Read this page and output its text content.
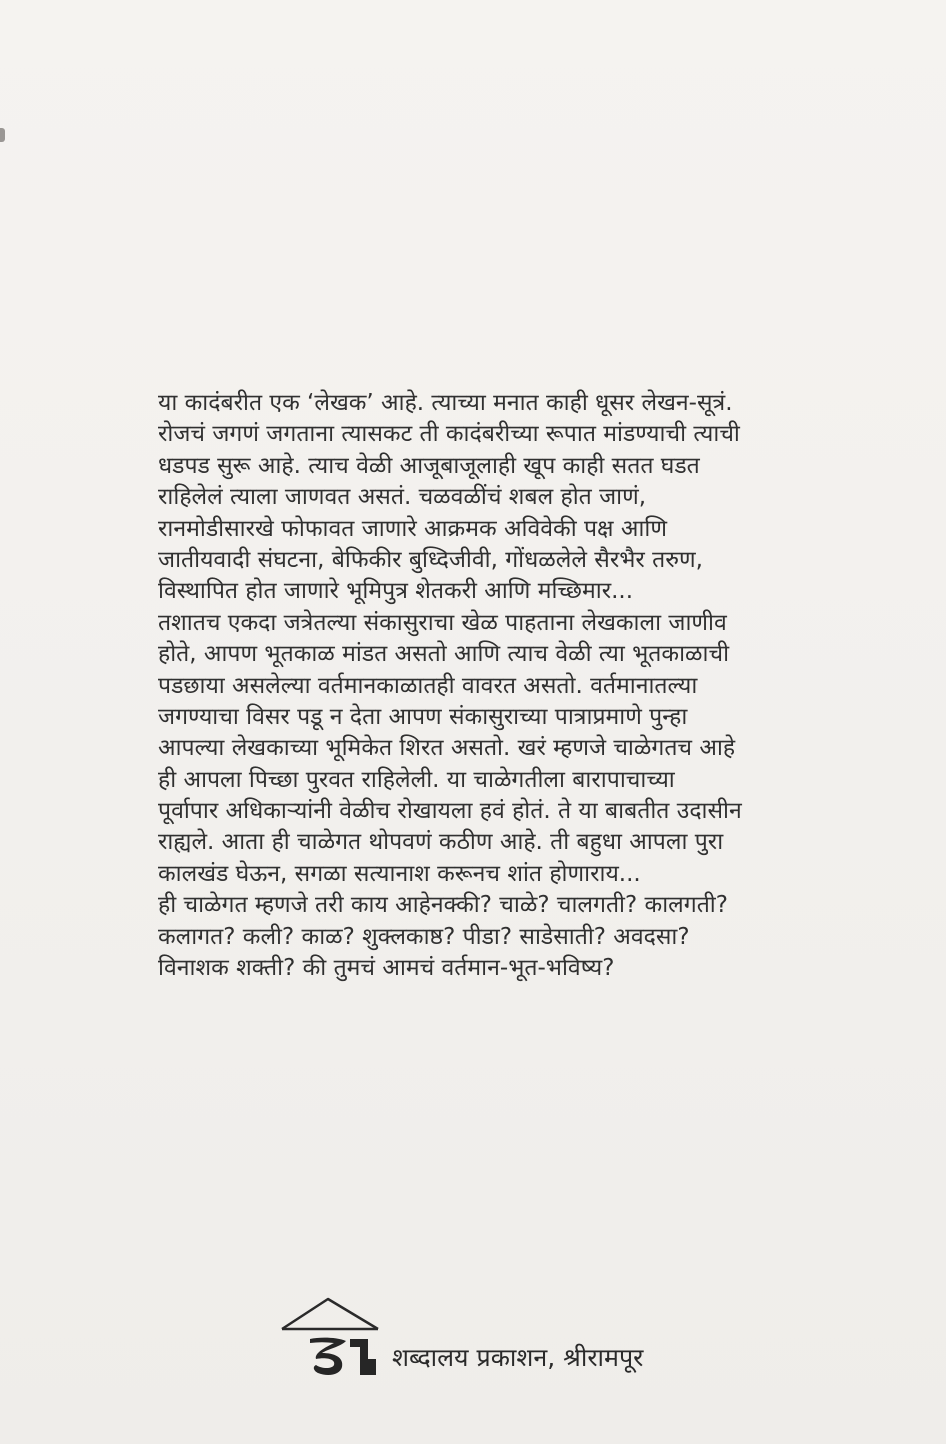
या कादंबरीत एक ‘लेखक’ आहे. त्याच्या मनात काही धूसर लेखन-सूत्रं.
रोजचं जगणं जगताना त्यासकट ती कादंबरीच्या रूपात मांडण्याची त्याची
धडपड सुरू आहे. त्याच वेळी आजूबाजूलाही खूप काही सतत घडत
राहिलेलं त्याला जाणवत असतं. चळवळींचं शबल होत जाणं,
रानमोडीसारखे फोफावत जाणारे आक्रमक अविवेकी पक्ष आणि
जातीयवादी संघटना, बेफिकीर बुध्दिजीवी, गोंधळलेले सैरभैर तरुण,
विस्थापित होत जाणारे भूमिपुत्र शेतकरी आणि मच्छिमार...
तशातच एकदा जत्रेतल्या संकासुराचा खेळ पाहताना लेखकाला जाणीव
होते, आपण भूतकाळ मांडत असतो आणि त्याच वेळी त्या भूतकाळाची
पडछाया असलेल्या वर्तमानकाळातही वावरत असतो. वर्तमानातल्या
जगण्याचा विसर पडू न देता आपण संकासुराच्या पात्राप्रमाणे पुन्हा
आपल्या लेखकाच्या भूमिकेत शिरत असतो. खरं म्हणजे चाळेगतच आहे
ही आपला पिच्छा पुरवत राहिलेली. या चाळेगतीला बारापाचाच्या
पूर्वापार अधिकाऱ्यांनी वेळीच रोखायला हवं होतं. ते या बाबतीत उदासीन
राह्यले. आता ही चाळेगत थोपवणं कठीण आहे. ती बहुधा आपला पुरा
कालखंड घेऊन, सगळा सत्यानाश करूनच शांत होणाराय...
ही चाळेगत म्हणजे तरी काय आहेनक्की? चाळे? चालगती? कालगती?
कलागत? कली? काळ? शुक्लकाष्ठ? पीडा? साडेसाती? अवदसा?
विनाशक शक्ती? की तुमचं आमचं वर्तमान-भूत-भविष्य?
शब्दालय प्रकाशन, श्रीरामपूर
